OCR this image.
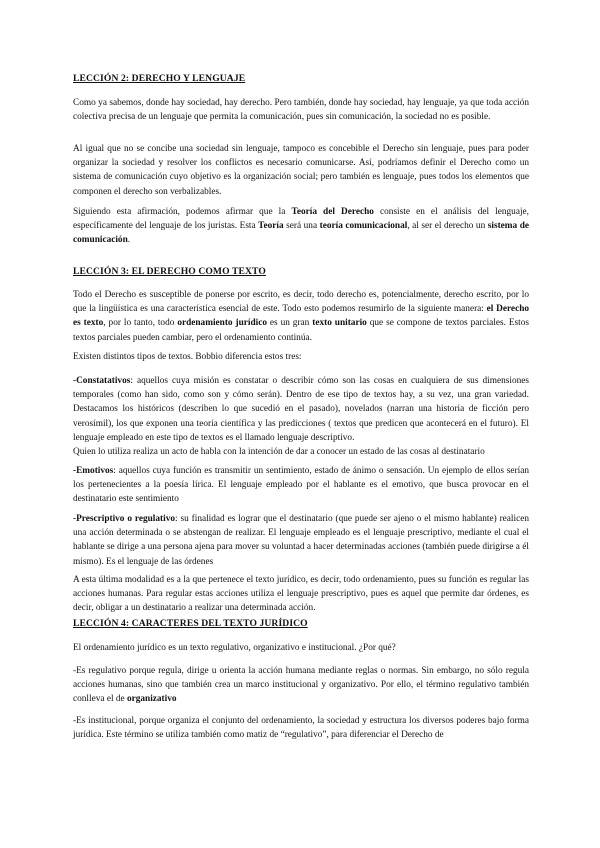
LECCIÓN 2: DERECHO Y LENGUAJE

Como ya sabemos, donde hay sociedad, hay derecho. Pero también, donde hay sociedad, hay lenguaje, ya que toda acción colectiva precisa de un lenguaje que permita la comunicación, pues sin comunicación, la sociedad no es posible.

Al igual que no se concibe una sociedad sin lenguaje, tampoco es concebible el Derecho sin lenguaje, pues para poder organizar la sociedad y resolver los conflictos es necesario comunicarse. Así, podríamos definir el Derecho como un sistema de comunicación cuyo objetivo es la organización social; pero también es lenguaje, pues todos los elementos que componen el derecho son verbalizables.

Siguiendo esta afirmación, podemos afirmar que la Teoría del Derecho consiste en el análisis del lenguaje, específicamente del lenguaje de los juristas. Esta Teoría será una teoría comunicacional, al ser el derecho un sistema de comunicación.

LECCIÓN 3: EL DERECHO COMO TEXTO

Todo el Derecho es susceptible de ponerse por escrito, es decir, todo derecho es, potencialmente, derecho escrito, por lo que la lingüística es una característica esencial de este. Todo esto podemos resumirlo de la siguiente manera: el Derecho es texto, por lo tanto, todo ordenamiento jurídico es un gran texto unitario que se compone de textos parciales. Estos textos parciales pueden cambiar, pero el ordenamiento continúa.

Existen distintos tipos de textos. Bobbio diferencia estos tres:

-Constatativos: aquellos cuya misión es constatar o describir cómo son las cosas en cualquiera de sus dimensiones temporales (como han sido, como son y cómo serán). Dentro de ese tipo de textos hay, a su vez, una gran variedad. Destacamos los históricos (describen lo que sucedió en el pasado), novelados (narran una historia de ficción pero verosímil), los que exponen una teoría científica y las predicciones ( textos que predicen que acontecerá en el futuro). El lenguaje empleado en este tipo de textos es el llamado lenguaje descriptivo.
Quien lo utiliza realiza un acto de habla con la intención de dar a conocer un estado de las cosas al destinatario

-Emotivos: aquellos cuya función es transmitir un sentimiento, estado de ánimo o sensación. Un ejemplo de ellos serían los pertenecientes a la poesía lírica. El lenguaje empleado por el hablante es el emotivo, que busca provocar en el destinatario este sentimiento

-Prescriptivo o regulativo: su finalidad es lograr que el destinatario (que puede ser ajeno o el mismo hablante) realicen una acción determinada o se abstengan de realizar. El lenguaje empleado es el lenguaje prescriptivo, mediante el cual el hablante se dirige a una persona ajena para mover su voluntad a hacer determinadas acciones (también puede dirigirse a él mismo). Es el lenguaje de las órdenes

A esta última modalidad es a la que pertenece el texto jurídico, es decir, todo ordenamiento, pues su función es regular las acciones humanas. Para regular estas acciones utiliza el lenguaje prescriptivo, pues es aquel que permite dar órdenes, es decir, obligar a un destinatario a realizar una determinada acción.

LECCIÓN 4: CARACTERES DEL TEXTO JURÍDICO

El ordenamiento jurídico es un texto regulativo, organizativo e institucional. ¿Por qué?

-Es regulativo porque regula, dirige u orienta la acción humana mediante reglas o normas. Sin embargo, no sólo regula acciones humanas, sino que también crea un marco institucional y organizativo. Por ello, el término regulativo también conlleva el de organizativo

-Es institucional, porque organiza el conjunto del ordenamiento, la sociedad y estructura los diversos poderes bajo forma jurídica. Este término se utiliza también como matiz de “regulativo”, para diferenciar el Derecho de
